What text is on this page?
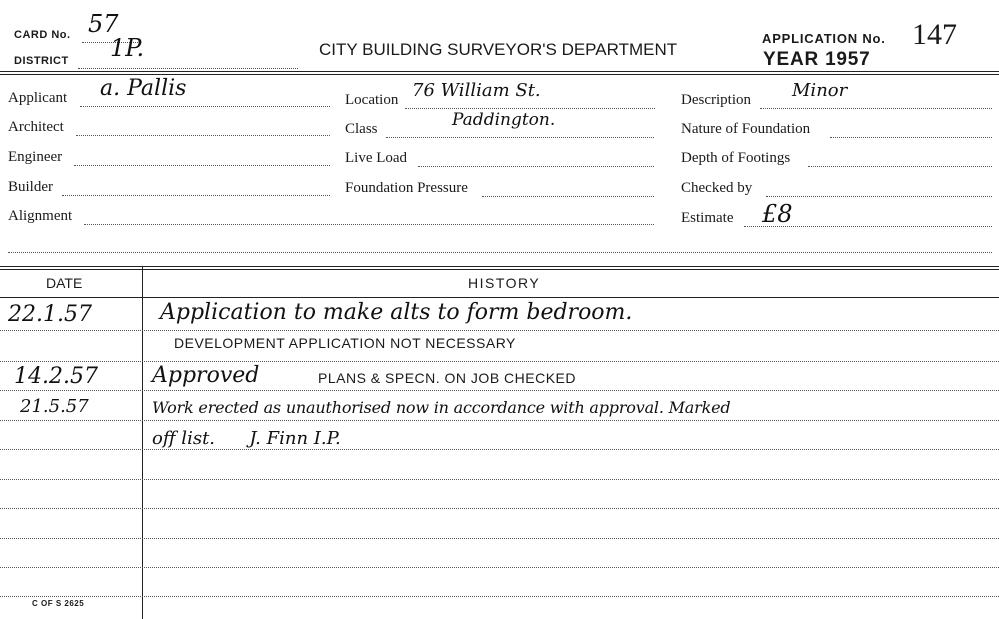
CARD No. 57
DISTRICT 1P.	CITY BUILDING SURVEYOR'S DEPARTMENT
APPLICATION No. 147
YEAR 1957
Applicant a. Pallis
Architect
Engineer
Builder
Alignment
Location 76 William St.
Class	Paddington.
Live Load
Foundation Pressure
Description Minor
Nature of Foundation
Depth of Footings
Checked by
Estimate £8
DATE	HISTORY
22.1.57	Application to make alts to form bedroom.
DEVELOPMENT APPLICATION NOT NECESSARY
14.2.57 Approved	PLANS & SPECN. ON JOB CHECKED
21.5.57	Work erected as unauthorised now in accordance with approval. Marked
off list.      J. Finn I.P.
C OF S 2625
